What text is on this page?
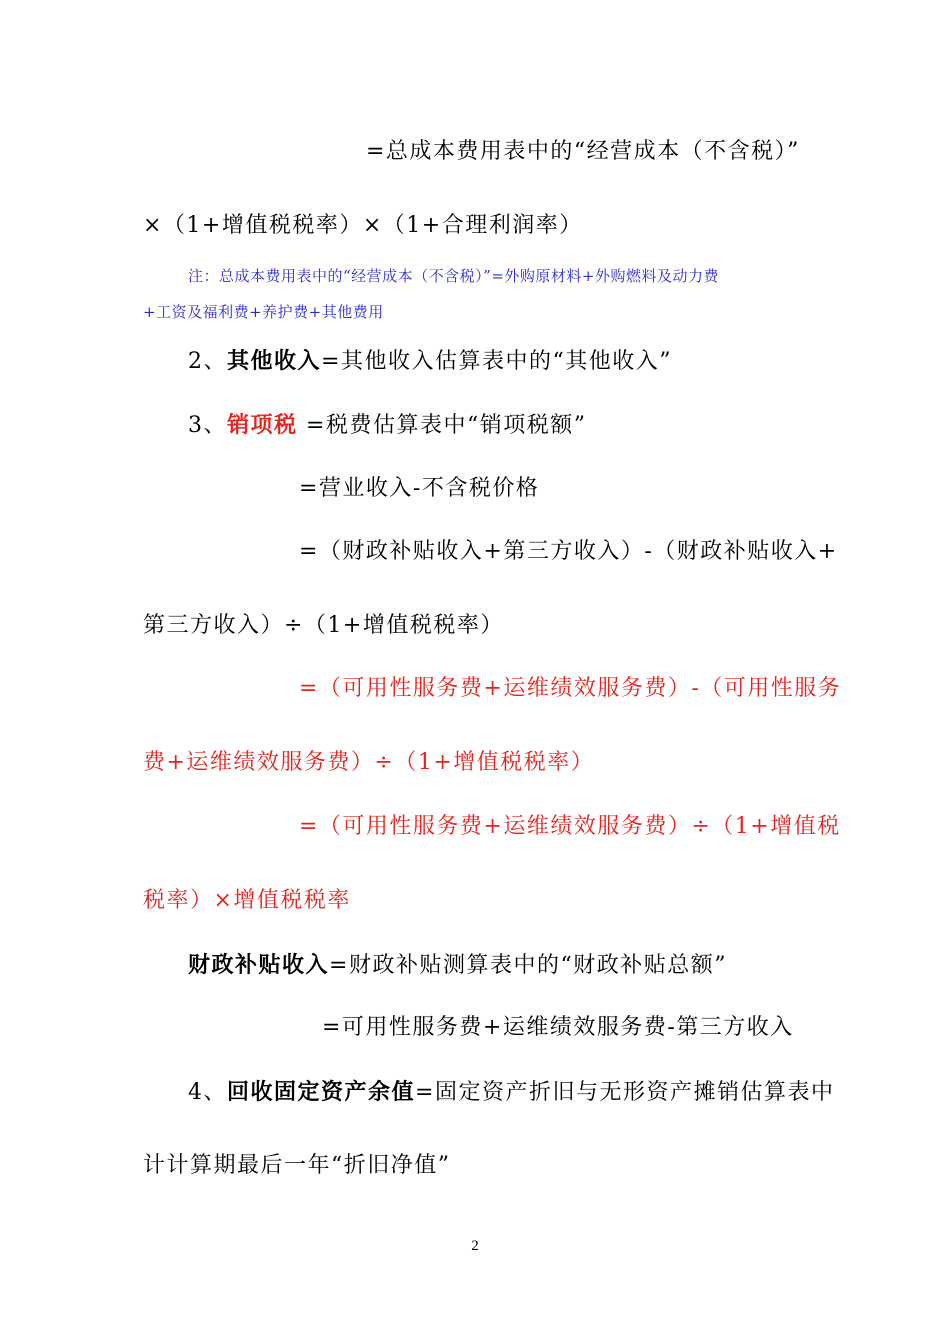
=总成本费用表中的“经营成本（不含税）”
×（1+增值税税率）×（1+合理利润率）
注：总成本费用表中的“经营成本（不含税）”=外购原材料+外购燃料及动力费
+工资及福利费+养护费+其他费用
2、其他收入=其他收入估算表中的“其他收入”
3、销项税 =税费估算表中“销项税额”
=营业收入-不含税价格
=（财政补贴收入+第三方收入）-（财政补贴收入+
第三方收入）÷（1+增值税税率）
=（可用性服务费+运维绩效服务费）-（可用性服务
费+运维绩效服务费）÷（1+增值税税率）
=（可用性服务费+运维绩效服务费）÷（1+增值税
税率）×增值税税率
财政补贴收入=财政补贴测算表中的“财政补贴总额”
=可用性服务费+运维绩效服务费-第三方收入
4、回收固定资产余值=固定资产折旧与无形资产摊销估算表中
计计算期最后一年“折旧净值”
2
